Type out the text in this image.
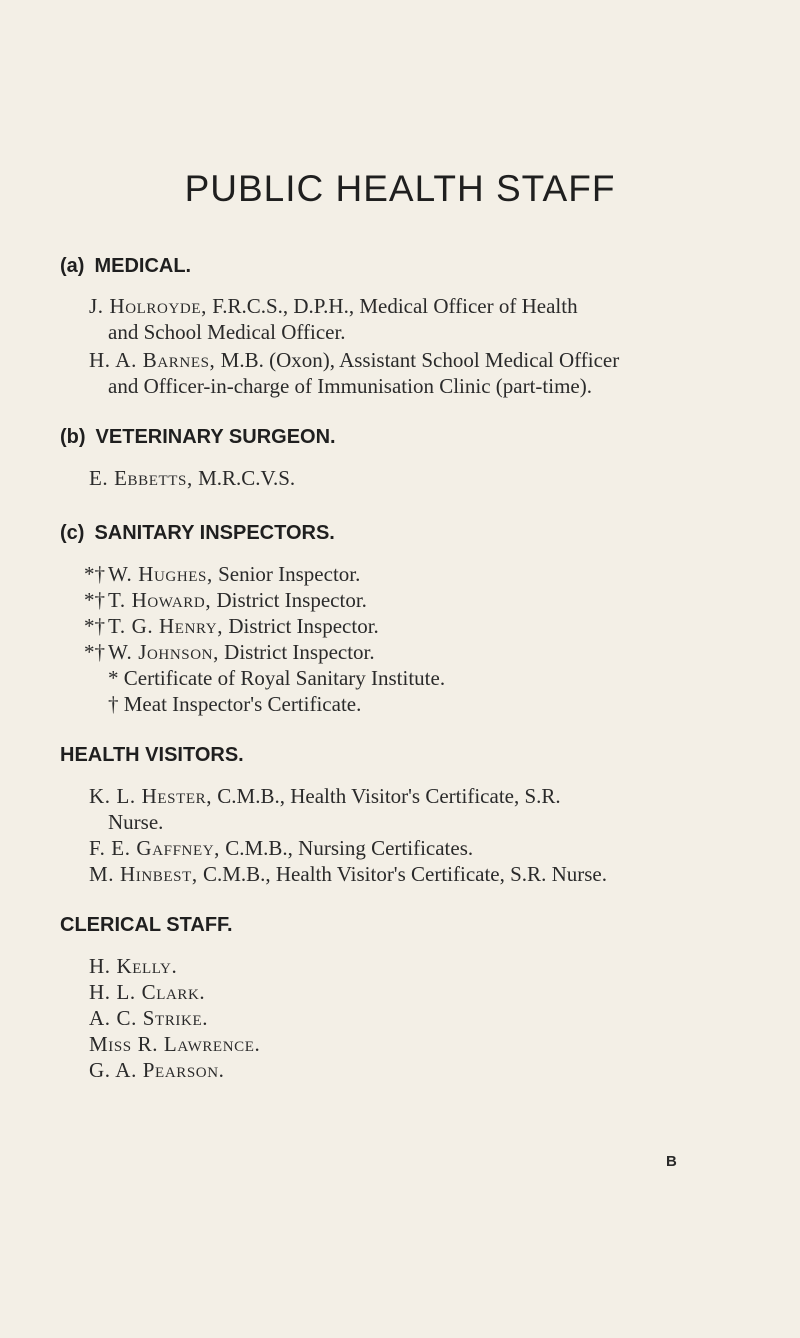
PUBLIC HEALTH STAFF
(a) MEDICAL.
J. Holroyde, F.R.C.S., D.P.H., Medical Officer of Health
and School Medical Officer.
H. A. Barnes, M.B. (Oxon), Assistant School Medical Officer
and Officer-in-charge of Immunisation Clinic (part-time).
(b) VETERINARY SURGEON.
E. Ebbetts, M.R.C.V.S.
(c) SANITARY INSPECTORS.
*† W. Hughes, Senior Inspector.
*† T. Howard, District Inspector.
*† T. G. Henry, District Inspector.
*† W. Johnson, District Inspector.
* Certificate of Royal Sanitary Institute.
† Meat Inspector's Certificate.
HEALTH VISITORS.
K. L. Hester, C.M.B., Health Visitor's Certificate, S.R.
Nurse.
F. E. Gaffney, C.M.B., Nursing Certificates.
M. Hinbest, C.M.B., Health Visitor's Certificate, S.R. Nurse.
CLERICAL STAFF.
H. Kelly.
H. L. Clark.
A. C. Strike.
Miss R. Lawrence.
G. A. Pearson.
B
